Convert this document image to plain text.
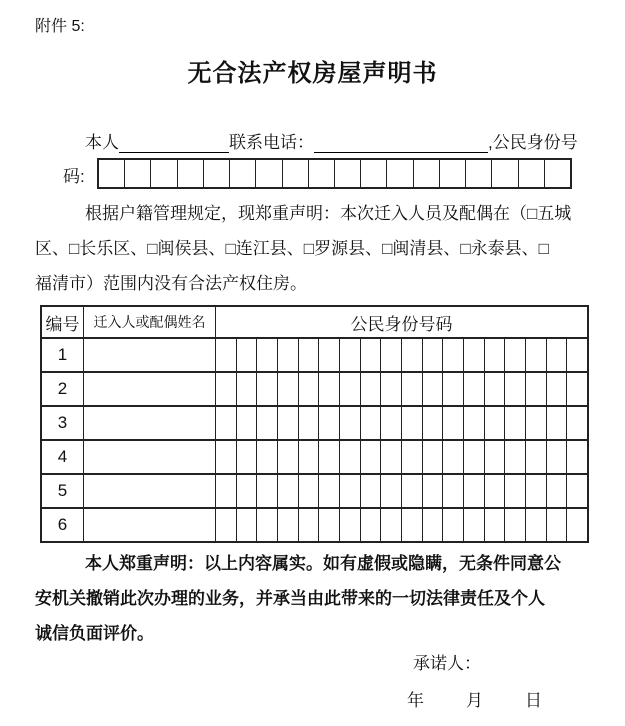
附件 5:
无合法产权房屋声明书
本人	联系电话：	,公民身份号
码:
根据户籍管理规定，现郑重声明：本次迁入人员及配偶在（□五城
区、□长乐区、□闽侯县、□连江县、□罗源县、□闽清县、□永泰县、□
福清市）范围内没有合法产权住房。
编号	迁入人或配偶姓名	公民身份号码
1
2
3
4
5
6
本人郑重声明：以上内容属实。如有虚假或隐瞒，无条件同意公
安机关撤销此次办理的业务，并承当由此带来的一切法律责任及个人
诚信负面评价。
承诺人：
年 月 日
